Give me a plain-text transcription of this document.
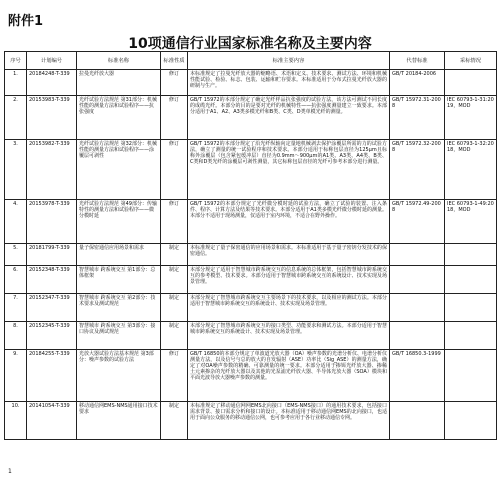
附件1
10项通信行业国家标准名称及主要内容
序号	计划编号	标准名称	标准性质	标准主要内容	代替标准	采标情况
1.	20184248-T-339	拉曼光纤放大器	修订	本标准规定了拉曼光纤放大器的缩略语、术语和定义、技术要求、测试方法、环境和机械性能试验、检验、标志、包装、运输和贮存要求。本标准适用于分布式拉曼光纤放大器的研制与生产。	GB/T 20184-2006	
2.	20153983-T-339	光纤试验方法规范 第31部分：机械性能的测量方法和试验程序——抗张强度	修订	GB/T 15972的本部分规定了确定光纤样品抗张强度的试验方法，该方法可测试不同长度的成缆光纤。本部分的目的是要对光纤的机械特性——抗张强度测量建立一致要求。本部分适用于A1、A2、A3类多模光纤和B类、C类、D类单模光纤的测量。	GB/T 15972.31-2008	IEC 60793-1-31:2019，MOD
3.	20153982-T-339	光纤试验方法规范 第32部分：机械性能的测量方法和试验程序——涂覆层可剥性	修订	GB/T 15972的本部分规定了沿光纤纵轴向定量地机械剥去保护涂覆层所需的力的试验方法，确立了测量的统一试验程序和技术要求。本部分适用于标称包层直径为125μm且标称外涂覆层（包含紧包缓冲层）直径为0.9mm～900μm的A1类、A3类、A4类、B类、C类和D类光纤的涂覆层可剥性测量，其它标称包层直径的光纤可参考本部分进行测量。	GB/T 15972.32-2008	IEC 60793-1-32:2018，MOD
4.	20153978-T-339	光纤试验方法规范 第49部分：传输特性的测量方法和试验程序——微分模时延	修订	GB/T 15972的本部分规定了光纤微分模时延的试验方法，确立了试验的装置、注入条件、程序、计算方法及结果等技术要求。本部分适用于A1类多模光纤微分模时延的测量。本部分不适用于现场测量，仅适用于室内环境，不适合在野外操作。	GB/T 15972.49-2008	IEC 60793-1-49:2018，MOD
5.	20181799-T-339	量子保密通信应用场景和需求	制定	本标准规定了量子保密通信的应用场景和需求。本标准适用于基于量子密钥分发技术的保密通信。		
6.	20152348-T-339	智慧城市 跨系统交互 第1部分：总体框架	制定	本部分规定了适用于智慧城市跨系统交互的信息系统的总体框架，包括智慧城市跨系统交互的参考模型、技术要求。本部分适用于智慧城市跨系统交互的系统设计、技术实现及场景管理。		
7.	20152347-T-339	智慧城市 跨系统交互 第2部分：技术要求及测试规范	制定	本部分规定了智慧城市跨系统交互主要场景下的技术要求，以及相应的测试方法。本部分适用于智慧城市跨系统交互的系统设计、技术实现及场景管理。		
8.	20152345-T-339	智慧城市 跨系统交互 第3部分：接口协议及测试规范	制定	本部分规定了智慧城市跨系统交互的接口类型、功能要求和测试方法。本部分适用于智慧城市跨系统交互的系统设计、技术实现及场景管理。		
9.	20184255-T-339	光放大器试验方法基本规范 第3部分：噪声参数的试验方法	修订	GB/T 16850的本部分规定了单波道光放大器（OA）噪声参数的光谱分析仪、电谱分析仪测量方法，以及信号与总的放大的自发辐射（ASE）功率比（Sig_ASE）的测量方法，确定了对OA噪声参数的精确、可靠测量的统一要求。本部分适用于掺铒光纤放大器、掺稀土元素掺杂的光纤放大器以及其他的光泵浦光纤放大器、半导体光放大器（SOA）模块和平面光波导放大器噪声参数的测量。	GB/T 16850.3-1999	
10.	20141054-T-339	移动通信网EMS-NMS通用接口技术要求	制定	本标准规定了移动通信网网EMS北向接口（EMS-NMS接口）的通用技术要求，包括接口需求背景、接口需求分析和接口的设计。本标准适用于移动通信网EMS的北向接口，也适用于面向公众服务的移动通信公网，也可参考应用于各行业移动通信专网。		
1
